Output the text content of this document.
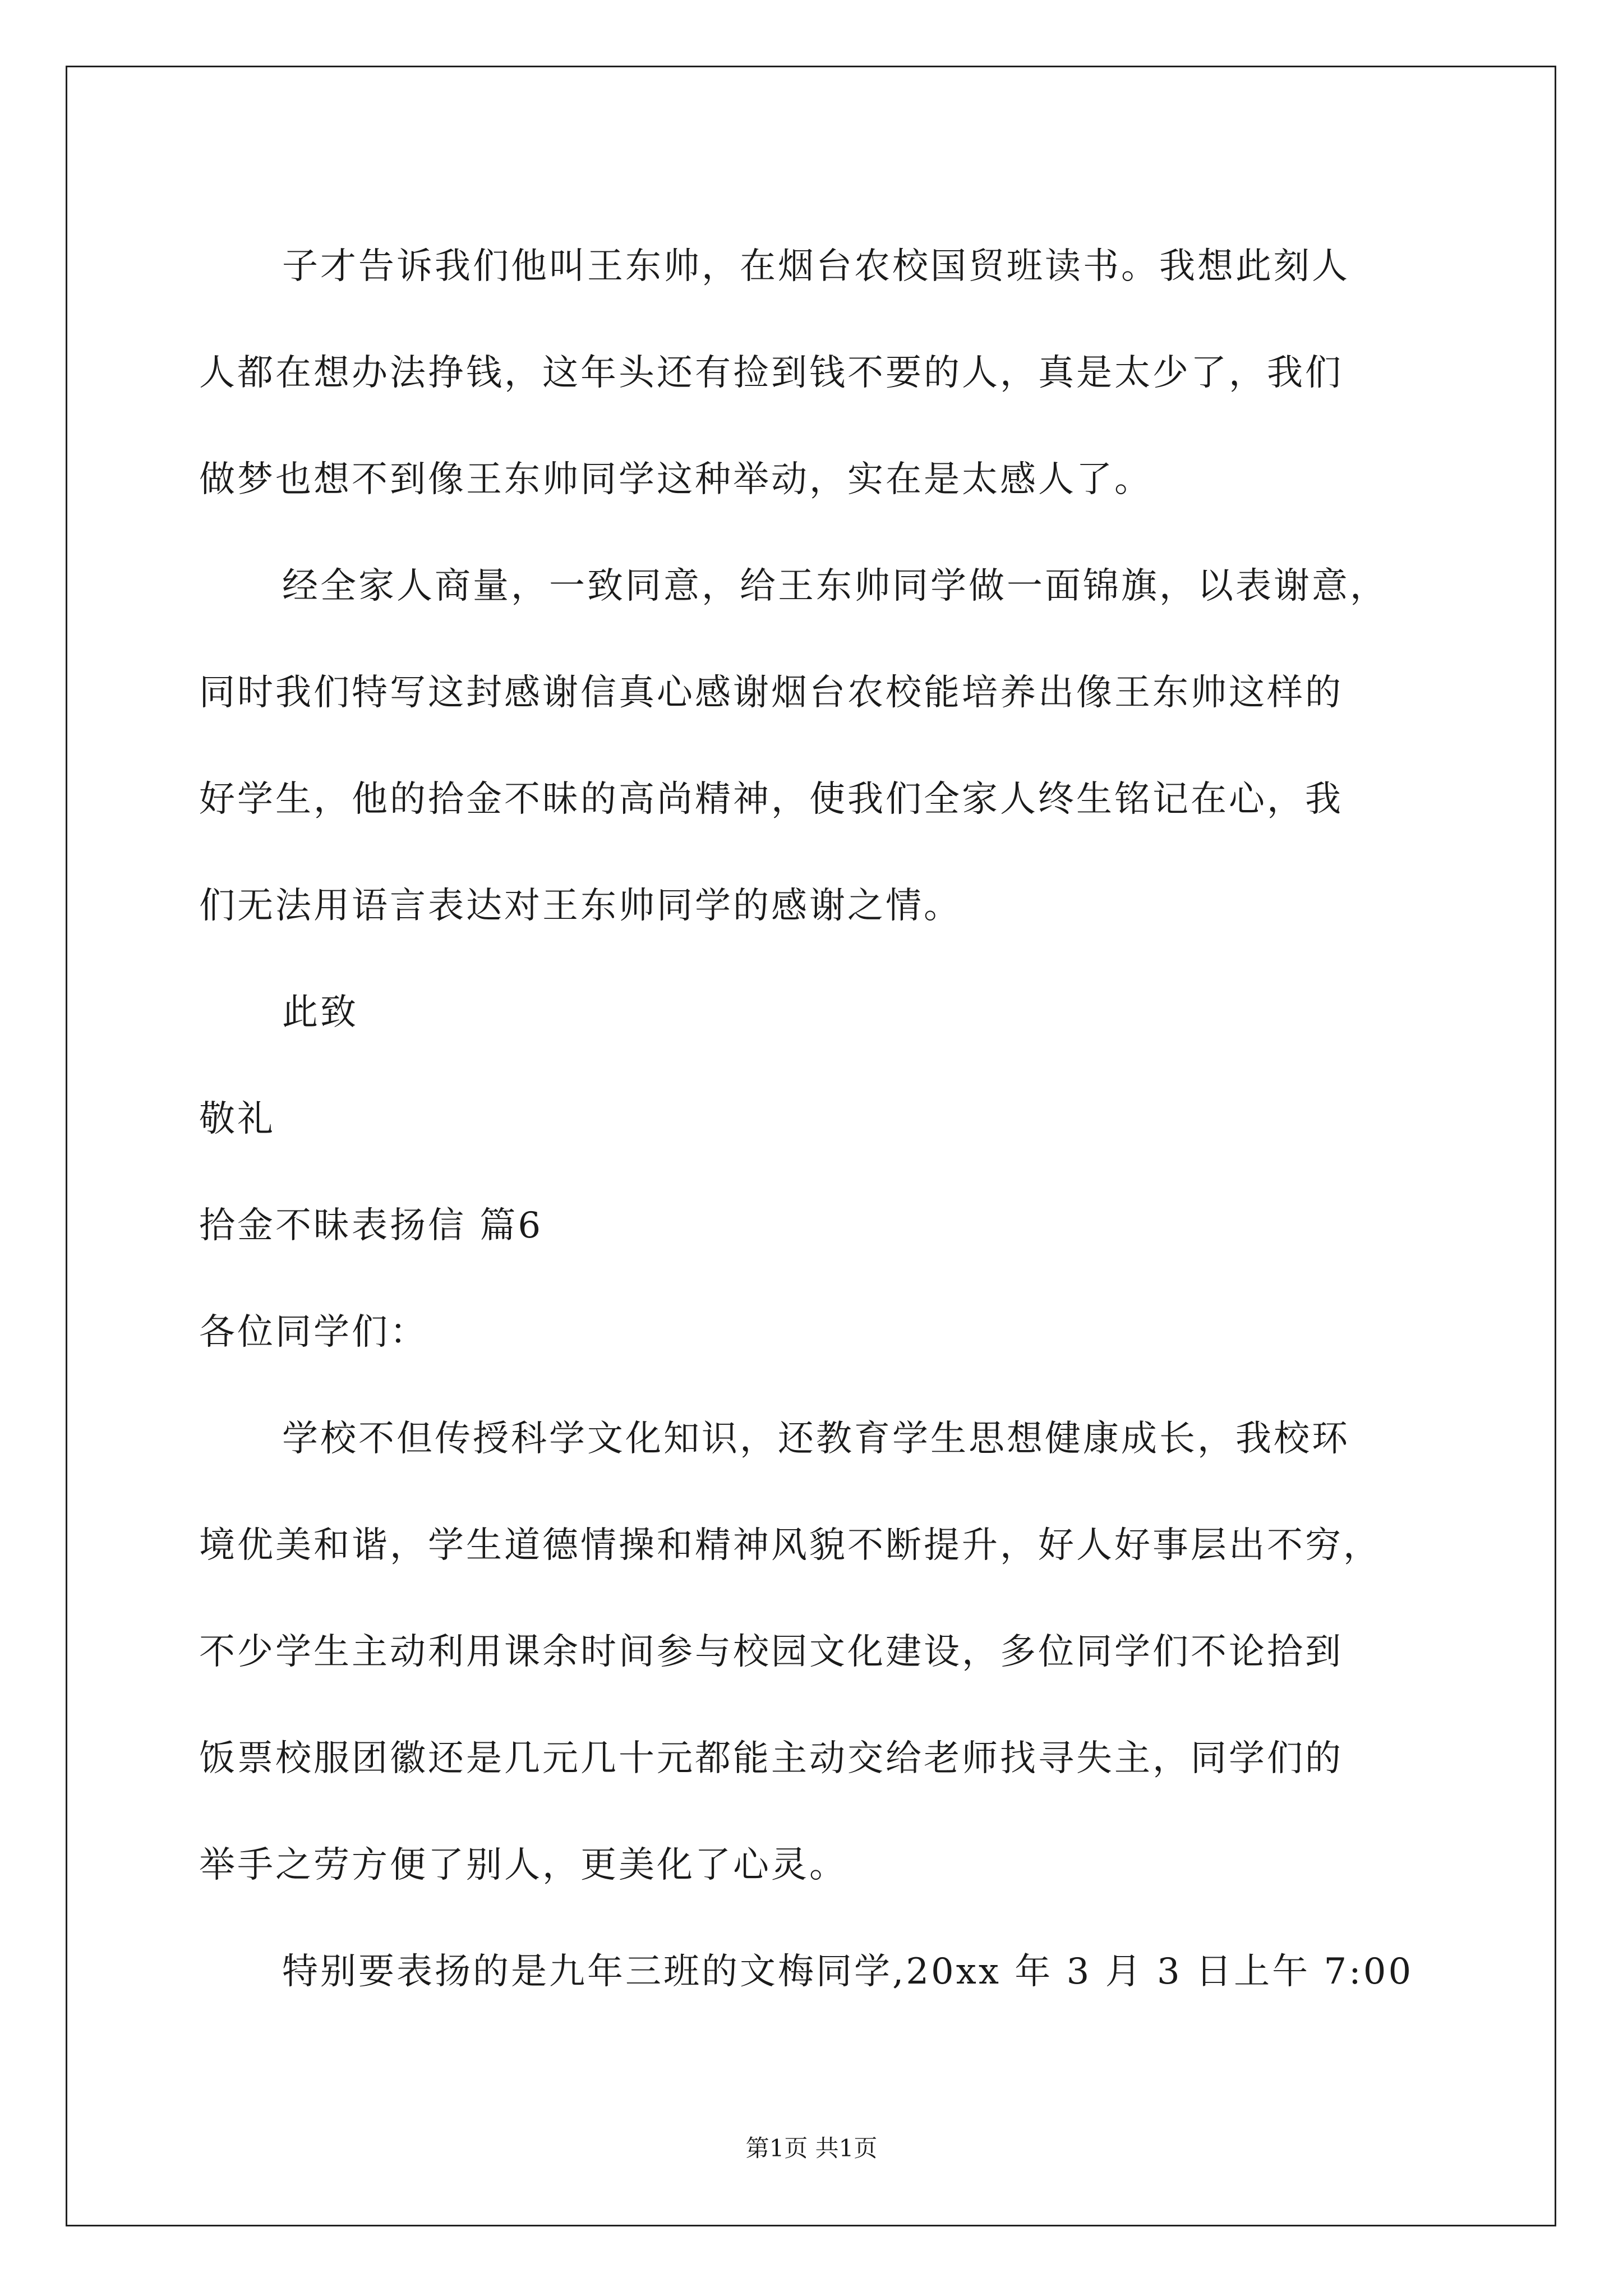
子才告诉我们他叫王东帅，在烟台农校国贸班读书。我想此刻人
人都在想办法挣钱，这年头还有捡到钱不要的人，真是太少了，我们
做梦也想不到像王东帅同学这种举动，实在是太感人了。
经全家人商量，一致同意，给王东帅同学做一面锦旗，以表谢意，
同时我们特写这封感谢信真心感谢烟台农校能培养出像王东帅这样的
好学生，他的拾金不昧的高尚精神，使我们全家人终生铭记在心，我
们无法用语言表达对王东帅同学的感谢之情。
此致
敬礼
拾金不昧表扬信 篇6
各位同学们：
学校不但传授科学文化知识，还教育学生思想健康成长，我校环
境优美和谐，学生道德情操和精神风貌不断提升，好人好事层出不穷，
不少学生主动利用课余时间参与校园文化建设，多位同学们不论拾到
饭票校服团徽还是几元几十元都能主动交给老师找寻失主，同学们的
举手之劳方便了别人，更美化了心灵。
特别要表扬的是九年三班的文梅同学,20xx 年 3 月 3 日上午 7:00
第1页 共1页
